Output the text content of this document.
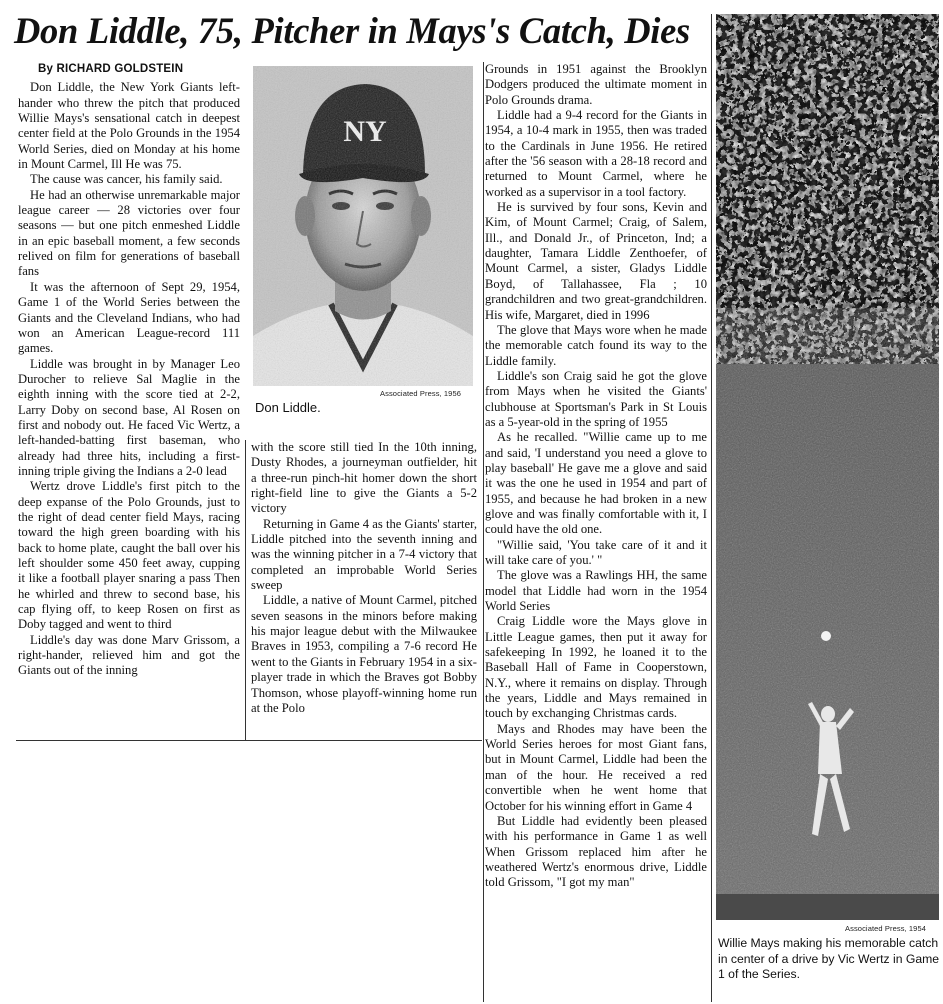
Don Liddle, 75, Pitcher in Mays's Catch, Dies

By RICHARD GOLDSTEIN

Don Liddle, the New York Giants left-hander who threw the pitch that produced Willie Mays's sensational catch in deepest center field at the Polo Grounds in the 1954 World Series, died on Monday at his home in Mount Carmel, Ill He was 75.

The cause was cancer, his family said.

He had an otherwise unremarkable major league career — 28 victories over four seasons — but one pitch enmeshed Liddle in an epic baseball moment, a few seconds relived on film for generations of baseball fans

It was the afternoon of Sept 29, 1954, Game 1 of the World Series between the Giants and the Cleveland Indians, who had won an American League-record 111 games.

Liddle was brought in by Manager Leo Durocher to relieve Sal Maglie in the eighth inning with the score tied at 2-2, Larry Doby on second base, Al Rosen on first and nobody out. He faced Vic Wertz, a left-handed-batting first baseman, who already had three hits, including a first-inning triple giving the Indians a 2-0 lead

Wertz drove Liddle's first pitch to the deep expanse of the Polo Grounds, just to the right of dead center field Mays, racing toward the high green boarding with his back to home plate, caught the ball over his left shoulder some 450 feet away, cupping it like a football player snaring a pass Then he whirled and threw to second base, his cap flying off, to keep Rosen on first as Doby tagged and went to third

Liddle's day was done Marv Grissom, a right-hander, relieved him and got the Giants out of the inning

Associated Press, 1956
Don Liddle.

with the score still tied In the 10th inning, Dusty Rhodes, a journeyman outfielder, hit a three-run pinch-hit homer down the short right-field line to give the Giants a 5-2 victory

Returning in Game 4 as the Giants' starter, Liddle pitched into the seventh inning and was the winning pitcher in a 7-4 victory that completed an improbable World Series sweep

Liddle, a native of Mount Carmel, pitched seven seasons in the minors before making his major league debut with the Milwaukee Braves in 1953, compiling a 7-6 record He went to the Giants in February 1954 in a six-player trade in which the Braves got Bobby Thomson, whose playoff-winning home run at the Polo

Grounds in 1951 against the Brooklyn Dodgers produced the ultimate moment in Polo Grounds drama.

Liddle had a 9-4 record for the Giants in 1954, a 10-4 mark in 1955, then was traded to the Cardinals in June 1956. He retired after the '56 season with a 28-18 record and returned to Mount Carmel, where he worked as a supervisor in a tool factory.

He is survived by four sons, Kevin and Kim, of Mount Carmel; Craig, of Salem, Ill., and Donald Jr., of Princeton, Ind; a daughter, Tamara Liddle Zenthoefer, of Mount Carmel, a sister, Gladys Liddle Boyd, of Tallahassee, Fla ; 10 grandchildren and two great-grandchildren. His wife, Margaret, died in 1996

The glove that Mays wore when he made the memorable catch found its way to the Liddle family.

Liddle's son Craig said he got the glove from Mays when he visited the Giants' clubhouse at Sportsman's Park in St Louis as a 5-year-old in the spring of 1955

As he recalled. "Willie came up to me and said, 'I understand you need a glove to play baseball' He gave me a glove and said it was the one he used in 1954 and part of 1955, and because he had broken in a new glove and was finally comfortable with it, I could have the old one.

"Willie said, 'You take care of it and it will take care of you.' "

The glove was a Rawlings HH, the same model that Liddle had worn in the 1954 World Series

Craig Liddle wore the Mays glove in Little League games, then put it away for safekeeping In 1992, he loaned it to the Baseball Hall of Fame in Cooperstown, N.Y., where it remains on display. Through the years, Liddle and Mays remained in touch by exchanging Christmas cards.

Mays and Rhodes may have been the World Series heroes for most Giant fans, but in Mount Carmel, Liddle had been the man of the hour. He received a red convertible when he went home that October for his winning effort in Game 4

But Liddle had evidently been pleased with his performance in Game 1 as well When Grissom replaced him after he weathered Wertz's enormous drive, Liddle told Grissom, "I got my man"

Associated Press, 1954
Willie Mays making his memorable catch in center of a drive by Vic Wertz in Game 1 of the Series.
